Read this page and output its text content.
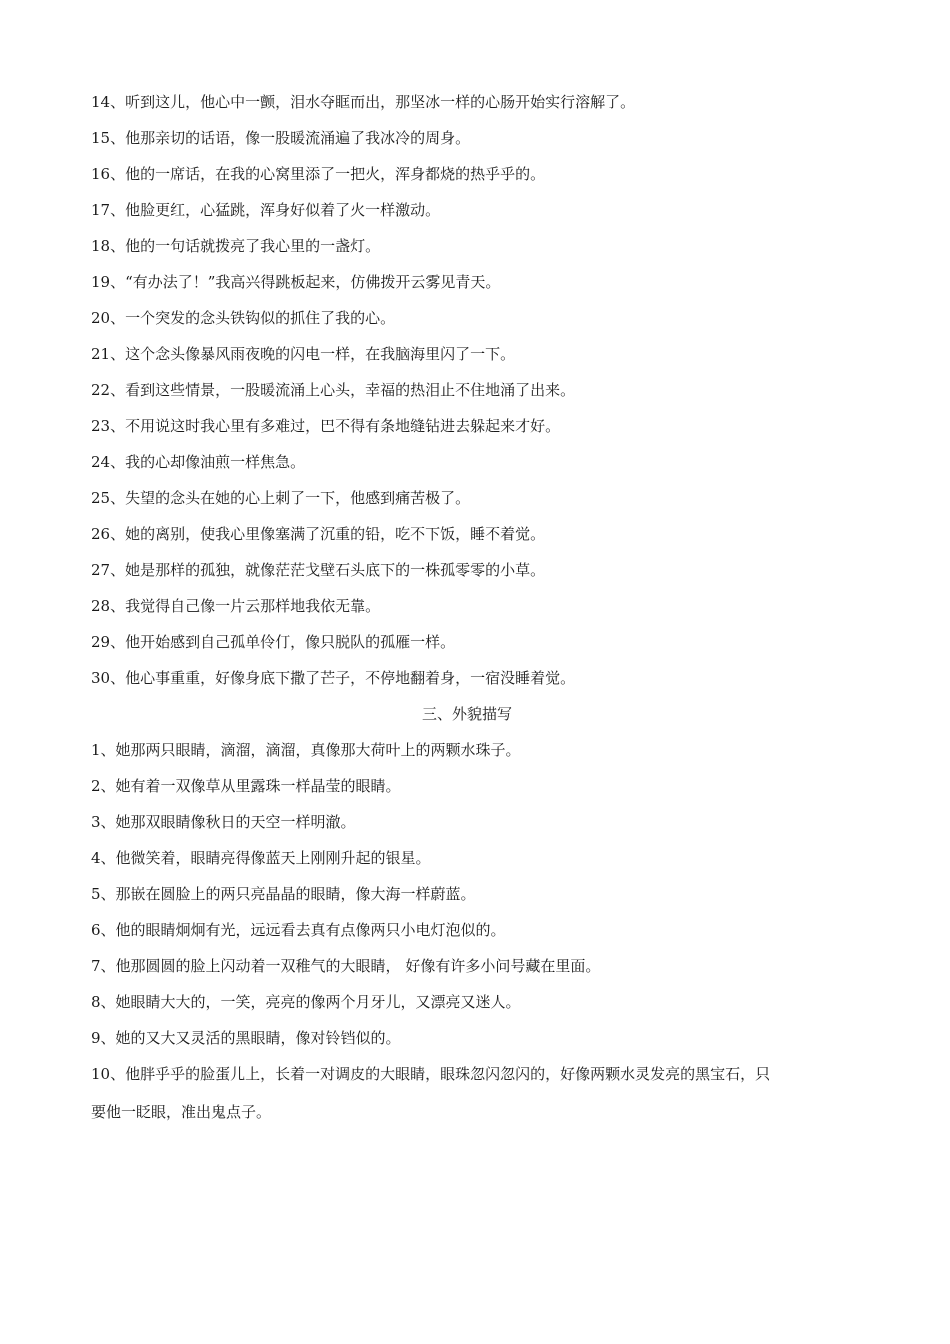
14、听到这儿，他心中一颤，泪水夺眶而出，那坚冰一样的心肠开始实行溶解了。

15、他那亲切的话语，像一股暖流涌遍了我冰冷的周身。

16、他的一席话，在我的心窝里添了一把火，浑身都烧的热乎乎的。

17、他脸更红，心猛跳，浑身好似着了火一样激动。

18、他的一句话就拨亮了我心里的一盏灯。

19、“有办法了！”我高兴得跳板起来，仿佛拨开云雾见青天。

20、一个突发的念头铁钩似的抓住了我的心。

21、这个念头像暴风雨夜晚的闪电一样，在我脑海里闪了一下。

22、看到这些情景，一股暖流涌上心头，幸福的热泪止不住地涌了出来。

23、不用说这时我心里有多难过，巴不得有条地缝钻进去躲起来才好。

24、我的心却像油煎一样焦急。

25、失望的念头在她的心上刺了一下，他感到痛苦极了。

26、她的离别，使我心里像塞满了沉重的铅，吃不下饭，睡不着觉。

27、她是那样的孤独，就像茫茫戈壁石头底下的一株孤零零的小草。

28、我觉得自己像一片云那样地我依无靠。

29、他开始感到自己孤单伶仃，像只脱队的孤雁一样。

30、他心事重重，好像身底下撒了芒子，不停地翻着身，一宿没睡着觉。

三、外貌描写

1、她那两只眼睛，滴溜，滴溜，真像那大荷叶上的两颗水珠子。

2、她有着一双像草从里露珠一样晶莹的眼睛。

3、她那双眼睛像秋日的天空一样明澈。

4、他微笑着，眼睛亮得像蓝天上刚刚升起的银星。

5、那嵌在圆脸上的两只亮晶晶的眼睛，像大海一样蔚蓝。

6、他的眼睛炯炯有光，远远看去真有点像两只小电灯泡似的。

7、他那圆圆的脸上闪动着一双稚气的大眼睛， 好像有许多小问号藏在里面。

8、她眼睛大大的，一笑，亮亮的像两个月牙儿，又漂亮又迷人。

9、她的又大又灵活的黑眼睛，像对铃铛似的。

10、他胖乎乎的脸蛋儿上，长着一对调皮的大眼睛，眼珠忽闪忽闪的，好像两颗水灵发亮的黑宝石，只
要他一眨眼，准出鬼点子。
